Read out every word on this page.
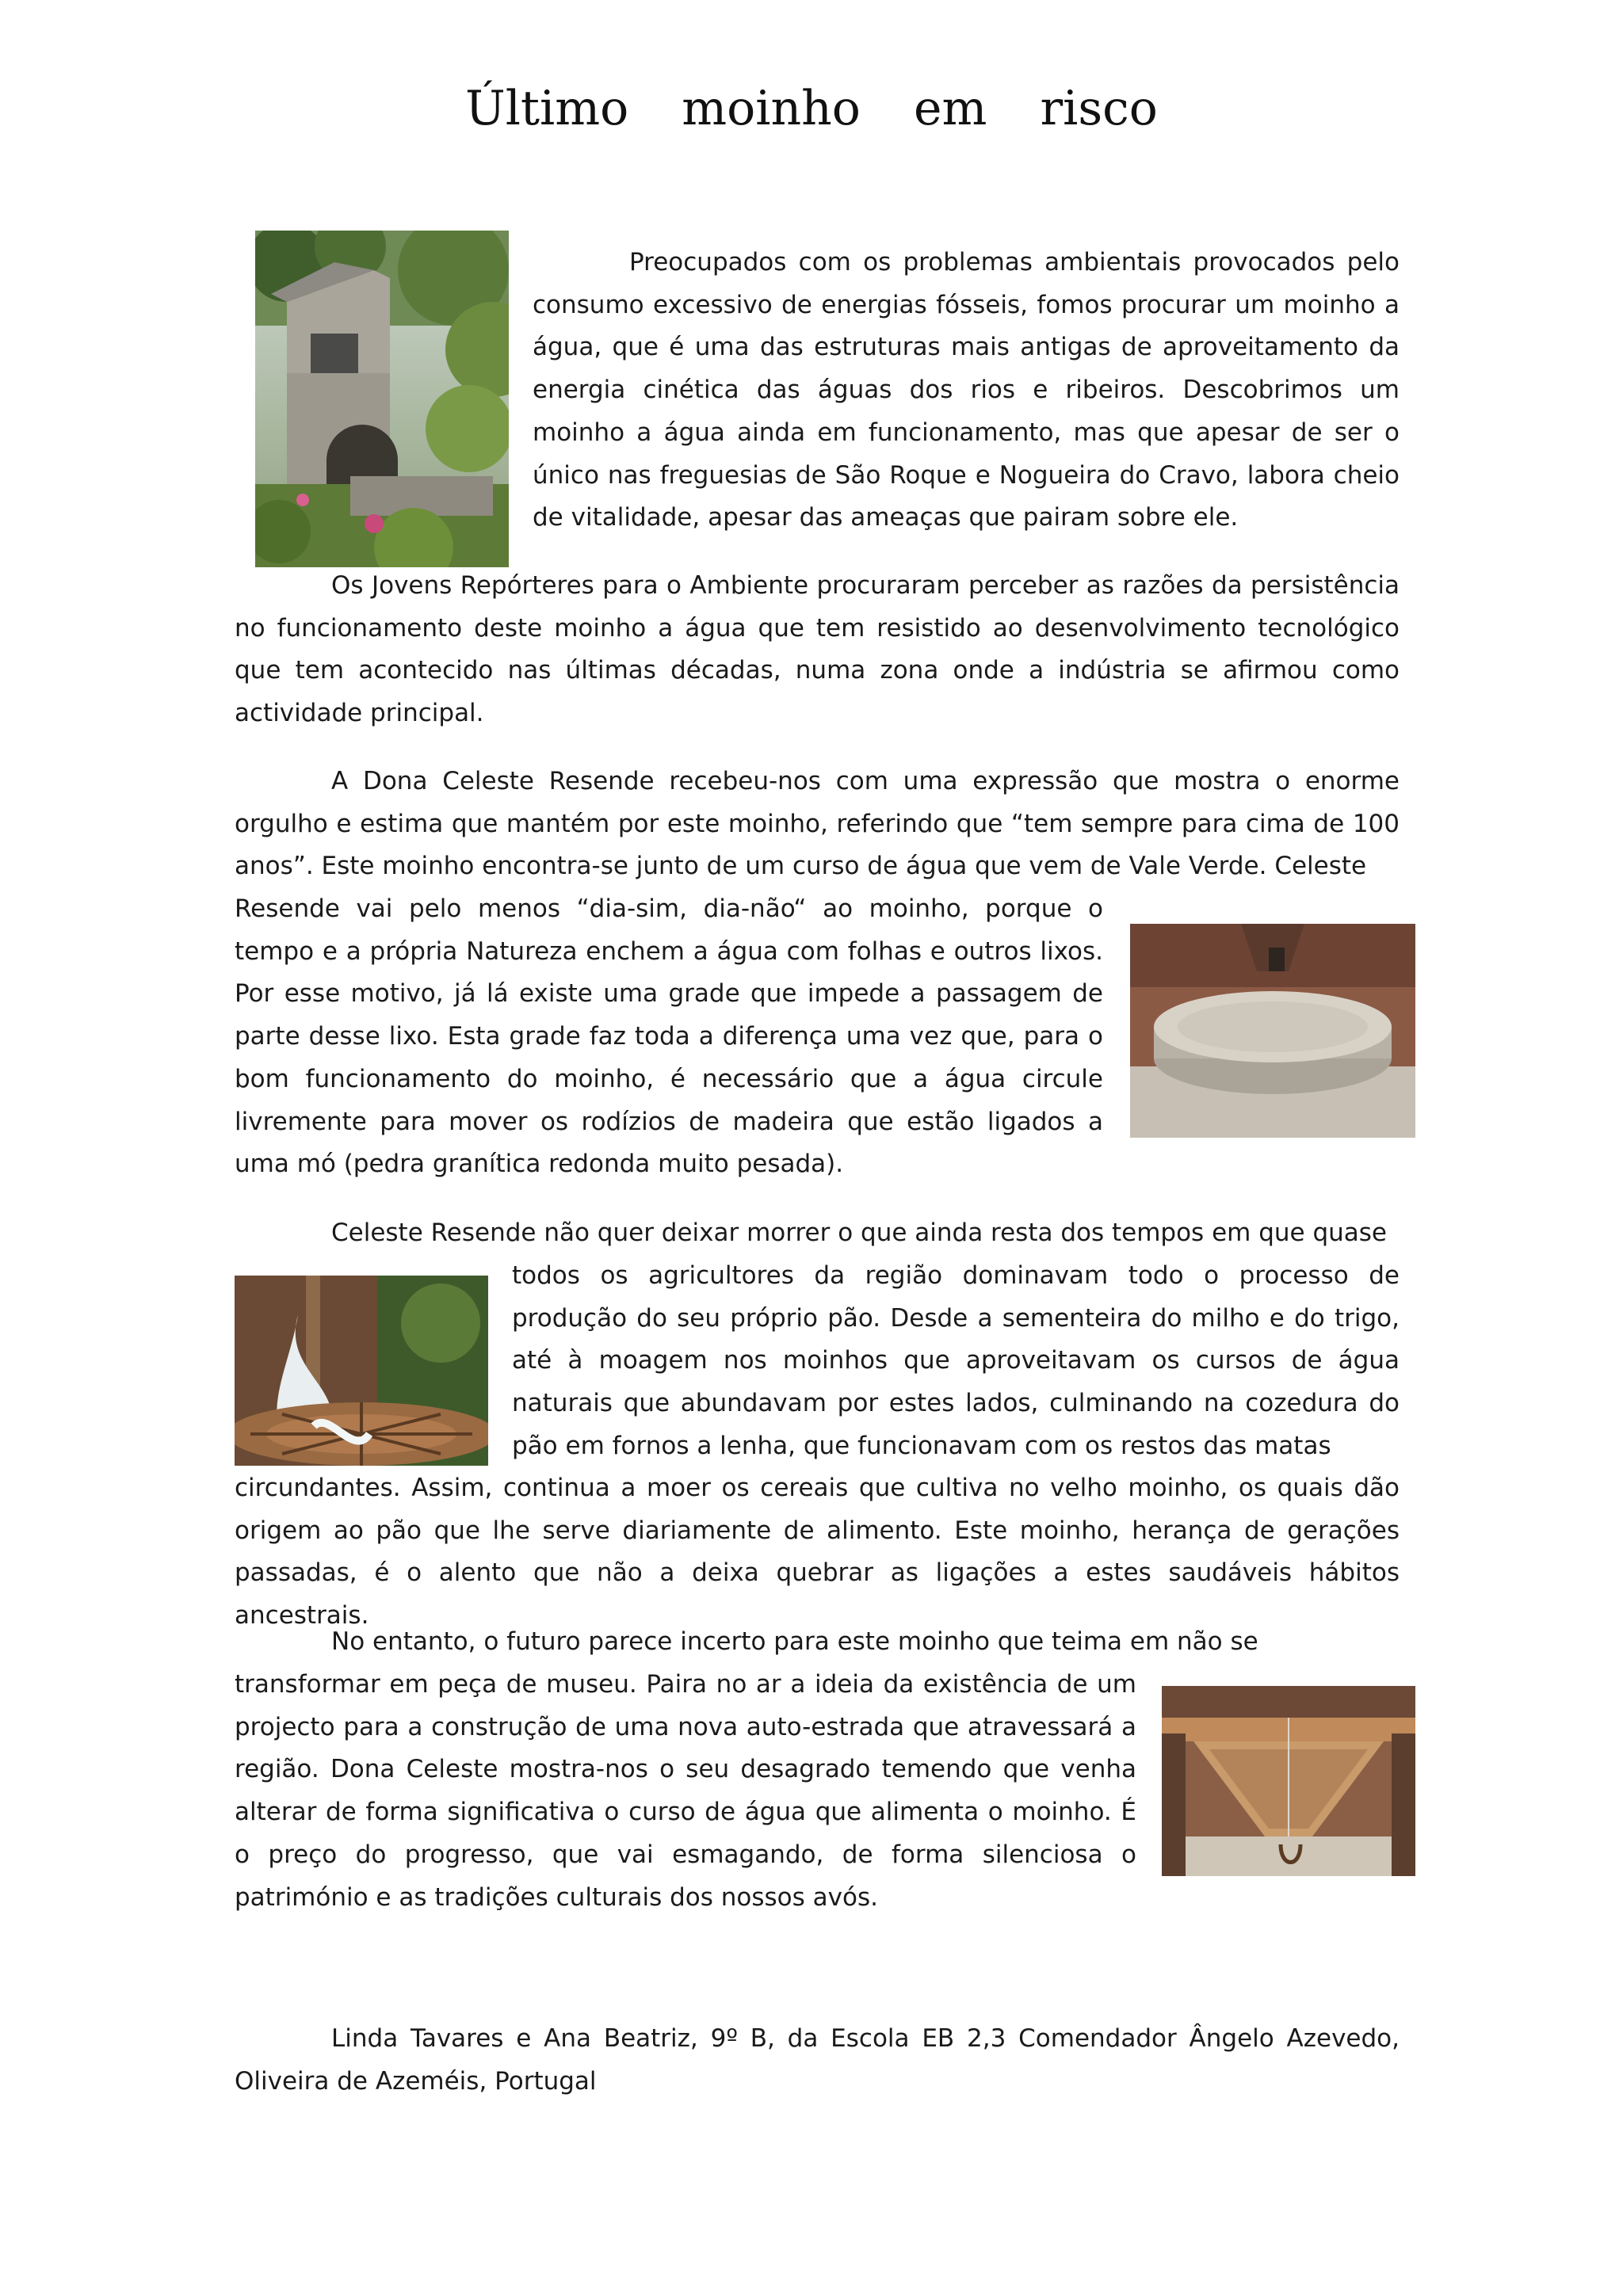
Último moinho em risco

Preocupados com os problemas ambientais provocados pelo consumo excessivo de energias fósseis, fomos procurar um moinho a água, que é uma das estruturas mais antigas de aproveitamento da energia cinética das águas dos rios e ribeiros. Descobrimos um moinho a água ainda em funcionamento, mas que apesar de ser o único nas freguesias de São Roque e Nogueira do Cravo, labora cheio de vitalidade, apesar das ameaças que pairam sobre ele.

Os Jovens Repórteres para o Ambiente procuraram perceber as razões da persistência no funcionamento deste moinho a água que tem resistido ao desenvolvimento tecnológico que tem acontecido nas últimas décadas, numa zona onde a indústria se afirmou como actividade principal.

A Dona Celeste Resende recebeu-nos com uma expressão que mostra o enorme orgulho e estima que mantém por este moinho, referindo que “tem sempre para cima de 100 anos”. Este moinho encontra-se junto de um curso de água que vem de Vale Verde. Celeste

Resende vai pelo menos “dia-sim, dia-não“ ao moinho, porque o tempo e a própria Natureza enchem a água com folhas e outros lixos. Por esse motivo, já lá existe uma grade que impede a passagem de parte desse lixo. Esta grade faz toda a diferença uma vez que, para o bom funcionamento do moinho, é necessário que a água circule livremente para mover os rodízios de madeira que estão ligados a uma mó (pedra granítica redonda muito pesada).

Celeste Resende não quer deixar morrer o que ainda resta dos tempos em que quase

todos os agricultores da região dominavam todo o processo de produção do seu próprio pão. Desde a sementeira do milho e do trigo, até à moagem nos moinhos que aproveitavam os cursos de água naturais que abundavam por estes lados, culminando na cozedura do pão em fornos a lenha, que funcionavam com os restos das matas

circundantes. Assim, continua a moer os cereais que cultiva no velho moinho, os quais dão origem ao pão que lhe serve diariamente de alimento. Este moinho, herança de gerações passadas, é o alento que não a deixa quebrar as ligações a estes saudáveis hábitos ancestrais.

No entanto, o futuro parece incerto para este moinho que teima em não se

transformar em peça de museu. Paira no ar a ideia da existência de um projecto para a construção de uma nova auto-estrada que atravessará a região. Dona Celeste mostra-nos o seu desagrado temendo que venha alterar de forma significativa o curso de água que alimenta o moinho. É o preço do progresso, que vai esmagando, de forma silenciosa o património e as tradições culturais dos nossos avós.

Linda Tavares e Ana Beatriz, 9º B, da Escola EB 2,3 Comendador Ângelo Azevedo, Oliveira de Azeméis, Portugal
